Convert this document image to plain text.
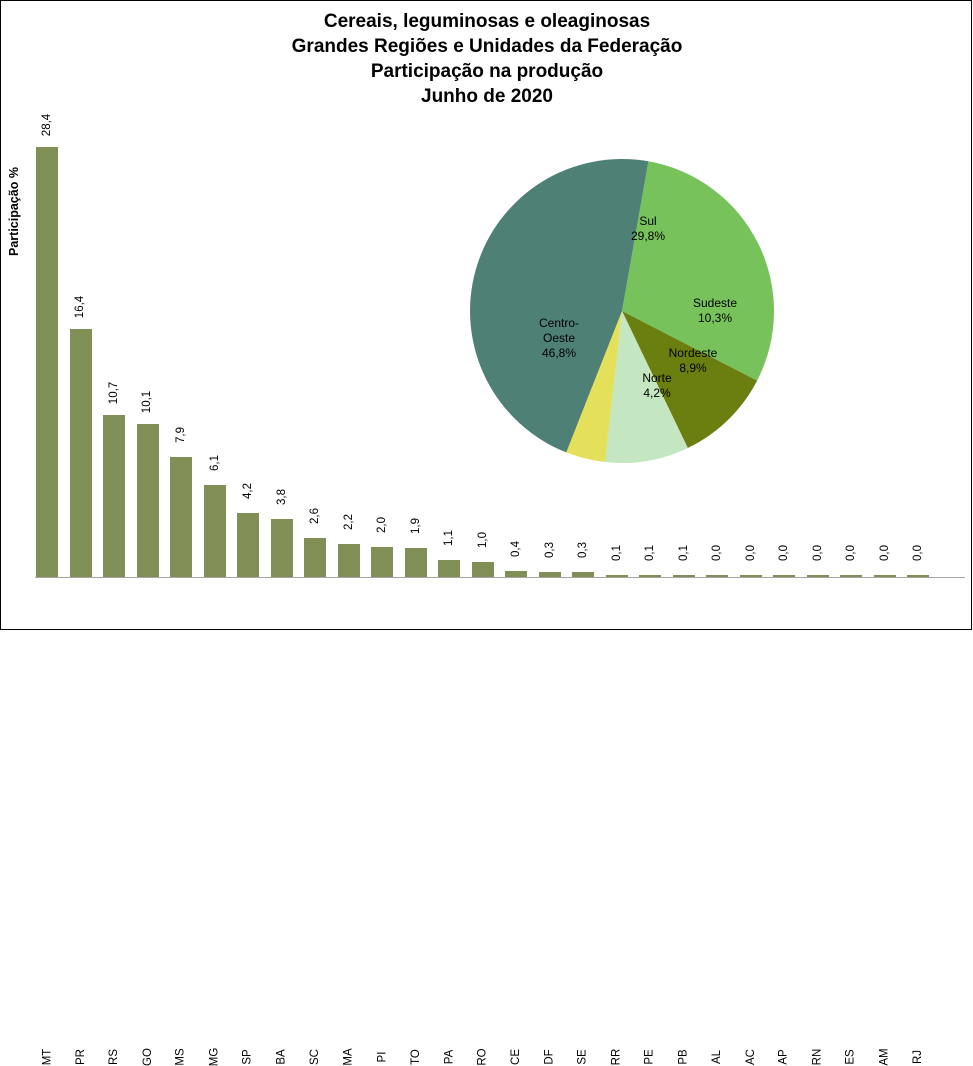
Cereais, leguminosas e oleaginosas
Grandes Regiões e Unidades da Federação
Participação na produção
Junho de 2020
Participação %
28,4
MT
16,4
PR
10,7
RS
10,1
GO
7,9
MS
6,1
MG
4,2
SP
3,8
BA
2,6
SC
2,2
MA
2,0
PI
1,9
TO
1,1
PA
1,0
RO
0,4
CE
0,3
DF
0,3
SE
0,1
RR
0,1
PE
0,1
PB
0,0
AL
0,0
AC
0,0
AP
0,0
RN
0,0
ES
0,0
AM
0,0
RJ
Sul
29,8%
Sudeste
10,3%
Nordeste
8,9%
Norte
4,2%
Centro-
Oeste
46,8%
